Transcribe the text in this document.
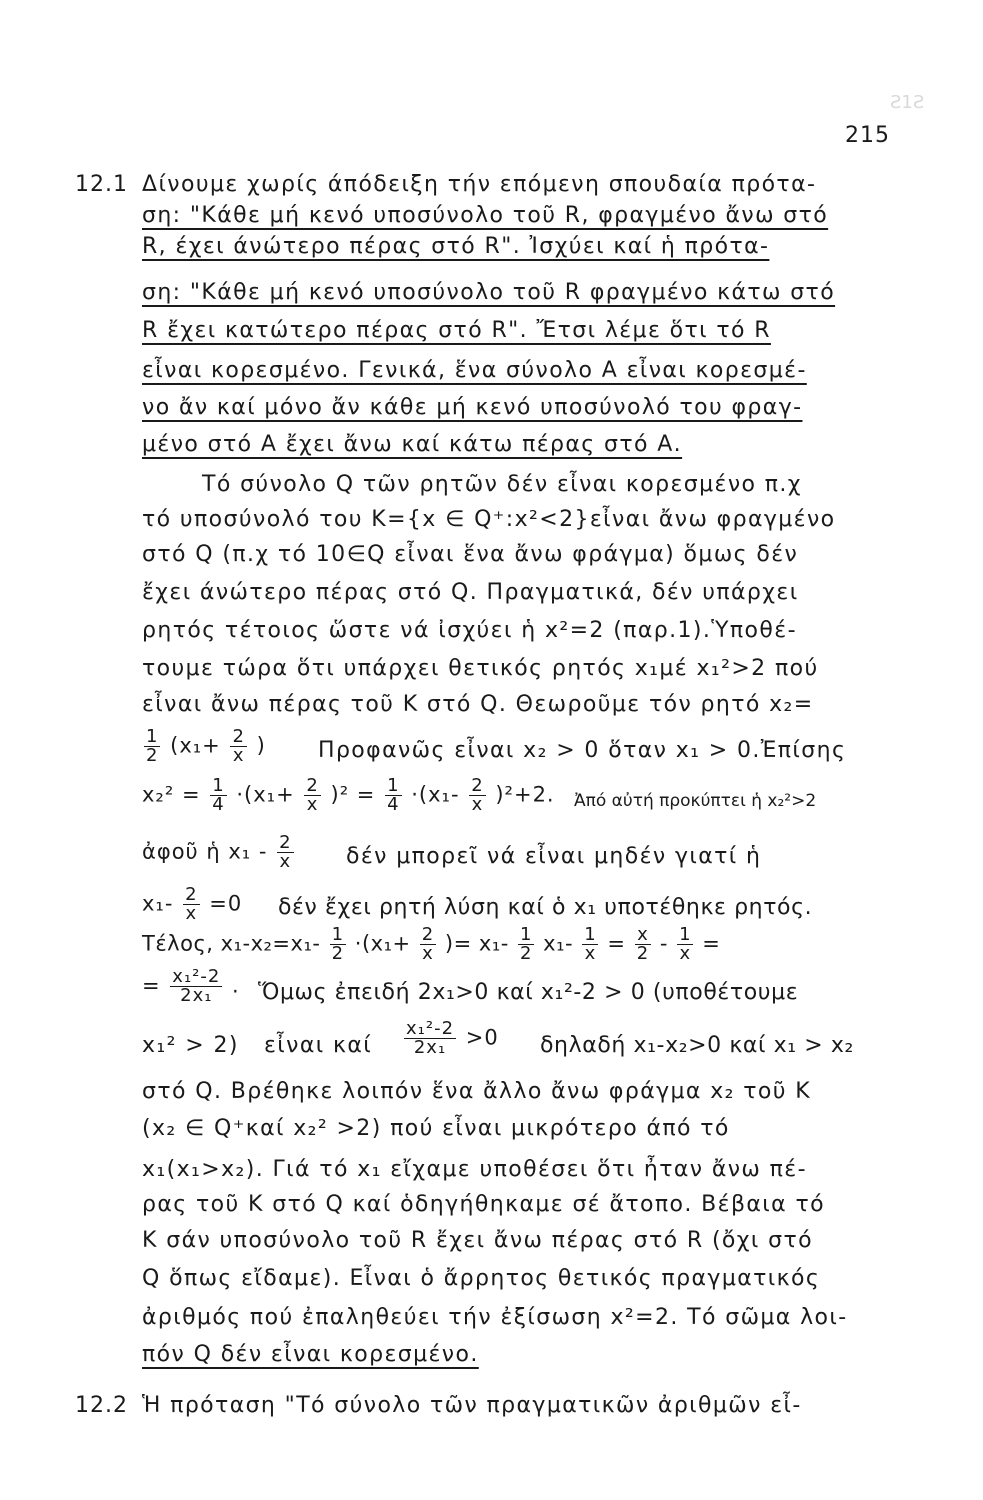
Ƨ1Ƨ
215
12.1 Δίνουμε χωρίς άπόδειξη τήν επόμενη σπουδαία πρότα-
ση: "Κάθε μή κενό υποσύνολο τοῦ R, φραγμένο ἄνω στό
R, έχει άνώτερο πέρας στό R". Ἰσχύει καί ἡ πρότα-
ση: "Κάθε μή κενό υποσύνολο τοῦ R φραγμένο κάτω στό
R ἔχει κατώτερο πέρας στό R". Ἔτσι λέμε ὅτι τό R
εἶναι κορεσμένο. Γενικά, ἕνα σύνολο Α εἶναι κορεσμέ-
νο ἄν καί μόνο ἄν κάθε μή κενό υποσύνολό του φραγ-
μένο στό Α ἔχει ἄνω καί κάτω πέρας στό Α.
Τό σύνολο Q τῶν ρητῶν δέν εἶναι κορεσμένο π.χ
τό υποσύνολό του K={x ∈ Q⁺:x²<2}εἶναι ἄνω φραγμένο
στό Q (π.χ τό 10∈Q εἶναι ἕνα ἄνω φράγμα) ὅμως δέν
ἔχει άνώτερο πέρας στό Q. Πραγματικά, δέν υπάρχει
ρητός τέτοιος ὥστε νά ἰσχύει ἡ x²=2 (παρ.1).Ὑποθέ-
τουμε τώρα ὅτι υπάρχει θετικός ρητός x₁μέ x₁²>2 πού
εἶναι ἄνω πέρας τοῦ Κ στό Q. Θεωροῦμε τόν ρητό x₂=
$\frac{1}{2} (x_1+ \frac{2}{x}$ ) Προφανῶς εἶναι x₂ > 0 ὅταν x₁ > 0.Ἐπίσης
$x_2^2 = \frac{1}{4} \cdot(x_1+ \frac{2}{x} )^2 = \frac{1}{4} \cdot(x_1- \frac{2}{x} )^2+2$. Ἀπό αὐτή προκύπτει ἡ x₂²>2
ἀφοῦ ἡ $x_1 - \frac{2}{x}$ δέν μπορεῖ νά εἶναι μηδέν γιατί ἡ
$x_1- \frac{2}{x} =0$ δέν ἔχει ρητή λύση καί ὁ x₁ υποτέθηκε ρητός.
Τέλος, $x_1-x_2=x_1- \frac{1}{2} \cdot(x_1+ \frac{2}{x}$ )= $x_1- \frac{1}{2} x_1- \frac{1}{x} = \frac{x}{2} - \frac{1}{x}$ =
= $\frac{\text{x₁²-2}}{\text{2x₁}}$ . Ὅμως ἐπειδή 2x₁>0 καί x₁²-2 > 0 (υποθέτουμε
x₁² > 2) εἶναι καί $\frac{\text{x₁²-2}}{\text{2x₁}} >0$ δηλαδή x₁-x₂>0 καί x₁ > x₂
στό Q. Βρέθηκε λοιπόν ἕνα ἄλλο ἄνω φράγμα x₂ τοῦ Κ
(x₂ ∈ Q⁺καί x₂² >2) πού εἶναι μικρότερο άπό τό
x₁(x₁>x₂). Γιά τό x₁ εἴχαμε υποθέσει ὅτι ἦταν ἄνω πέ-
ρας τοῦ Κ στό Q καί ὁδηγήθηκαμε σέ ἄτοπο. Βέβαια τό
Κ σάν υποσύνολο τοῦ R ἔχει ἄνω πέρας στό R (ὄχι στό
Q ὅπως εἴδαμε). Εἶναι ὁ ἄρρητος θετικός πραγματικός
ἀριθμός πού ἐπαληθεύει τήν ἐξίσωση x²=2. Τό σῶμα λοι-
πόν Q δέν εἶναι κορεσμένο.
12.2 Ἡ πρόταση "Τό σύνολο τῶν πραγματικῶν ἀριθμῶν εἶ-
